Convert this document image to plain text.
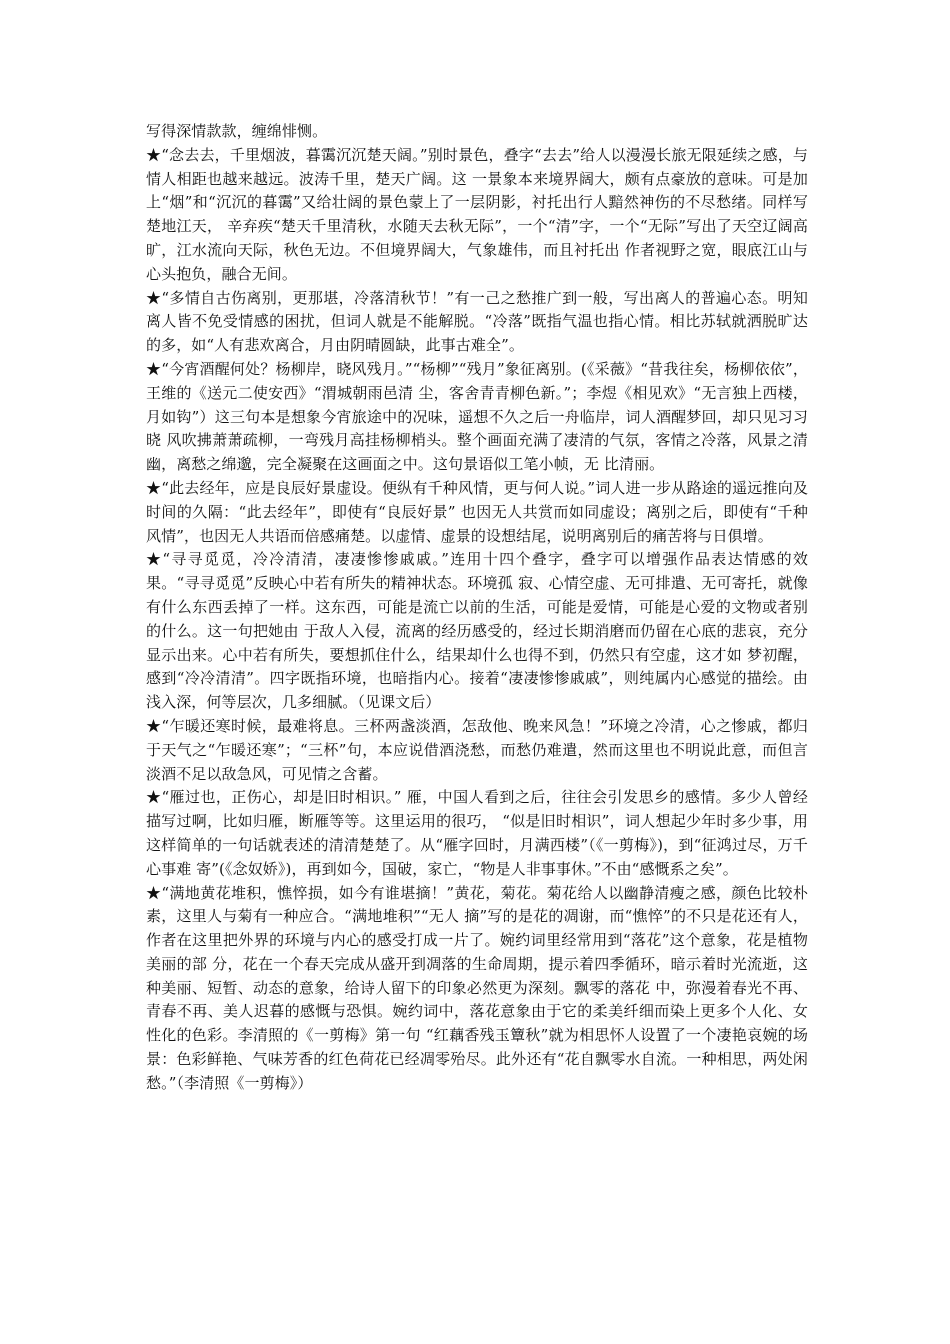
写得深情款款，缠绵悱恻。

★“念去去，千里烟波，暮霭沉沉楚天阔。”别时景色，叠字“去去”给人以漫漫长旅无限延续之感，与情人相距也越来越远。波涛千里，楚天广阔。这 一景象本来境界阔大，颇有点豪放的意味。可是加上“烟”和“沉沉的暮霭”又给壮阔的景色蒙上了一层阴影，衬托出行人黯然神伤的不尽愁绪。同样写楚地江天， 辛弃疾“楚天千里清秋，水随天去秋无际”，一个“清”字，一个“无际”写出了天空辽阔高旷，江水流向天际，秋色无边。不但境界阔大，气象雄伟，而且衬托出 作者视野之宽，眼底江山与心头抱负，融合无间。

★“多情自古伤离别，更那堪，冷落清秋节！”有一己之愁推广到一般，写出离人的普遍心态。明知离人皆不免受情感的困扰，但词人就是不能解脱。“冷落”既指气温也指心情。相比苏轼就洒脱旷达的多，如“人有悲欢离合，月由阴晴圆缺，此事古难全”。

★“今宵酒醒何处？杨柳岸，晓风残月。”“杨柳”“残月”象征离别。(《采薇》“昔我往矣，杨柳依依”，王维的《送元二使安西》“渭城朝雨邑清 尘，客舍青青柳色新。”；李煜《相见欢》“无言独上西楼，月如钩”）这三句本是想象今宵旅途中的况味，遥想不久之后一舟临岸，词人酒醒梦回，却只见习习晓 风吹拂萧萧疏柳，一弯残月高挂杨柳梢头。整个画面充满了凄清的气氛，客情之冷落，风景之清幽，离愁之绵邈，完全凝聚在这画面之中。这句景语似工笔小帧，无 比清丽。

★“此去经年，应是良辰好景虚设。便纵有千种风情，更与何人说。”词人进一步从路途的遥远推向及时间的久隔：“此去经年”，即使有“良辰好景” 也因无人共赏而如同虚设；离别之后，即使有“千种风情”，也因无人共语而倍感痛楚。以虚情、虚景的设想结尾，说明离别后的痛苦将与日俱增。

★“寻寻觅觅，冷冷清清，凄凄惨惨戚戚。”连用十四个叠字，叠字可以增强作品表达情感的效果。“寻寻觅觅”反映心中若有所失的精神状态。环境孤 寂、心情空虚、无可排遣、无可寄托，就像有什么东西丢掉了一样。这东西，可能是流亡以前的生活，可能是爱情，可能是心爱的文物或者别的什么。这一句把她由 于敌人入侵，流离的经历感受的，经过长期消磨而仍留在心底的悲哀，充分显示出来。心中若有所失，要想抓住什么，结果却什么也得不到，仍然只有空虚，这才如 梦初醒，感到“冷冷清清”。四字既指环境，也暗指内心。接着“凄凄惨惨戚戚”，则纯属内心感觉的描绘。由浅入深，何等层次，几多细腻。（见课文后）

★“乍暖还寒时候，最难将息。三杯两盏淡酒，怎敌他、晚来风急！”环境之冷清，心之惨戚，都归于天气之“乍暖还寒”；“三杯”句，本应说借酒浇愁，而愁仍难遣，然而这里也不明说此意，而但言淡酒不足以敌急风，可见情之含蓄。

★“雁过也，正伤心，却是旧时相识。” 雁，中国人看到之后，往往会引发思乡的感情。多少人曾经描写过啊，比如归雁，断雁等等。这里运用的很巧， “似是旧时相识”，词人想起少年时多少事，用这样简单的一句话就表述的清清楚楚了。从“雁字回时，月满西楼”（《一剪梅》)，到“征鸿过尽，万千心事难 寄”(《念奴娇》)，再到如今，国破，家亡，“物是人非事事休。”不由“感慨系之矣”。

★“满地黄花堆积，憔悴损，如今有谁堪摘！”黄花，菊花。菊花给人以幽静清瘦之感，颜色比较朴素，这里人与菊有一种应合。“满地堆积”“无人 摘”写的是花的凋谢，而“憔悴”的不只是花还有人，作者在这里把外界的环境与内心的感受打成一片了。婉约词里经常用到“落花”这个意象，花是植物美丽的部 分，花在一个春天完成从盛开到凋落的生命周期，提示着四季循环，暗示着时光流逝，这种美丽、短暂、动态的意象，给诗人留下的印象必然更为深刻。飘零的落花 中，弥漫着春光不再、青春不再、美人迟暮的感慨与恐惧。婉约词中，落花意象由于它的柔美纤细而染上更多个人化、女性化的色彩。李清照的《一剪梅》第一句 “红藕香残玉簟秋”就为相思怀人设置了一个凄艳哀婉的场景：色彩鲜艳、气味芳香的红色荷花已经凋零殆尽。此外还有“花自飘零水自流。一种相思，两处闲 愁。”（李清照《一剪梅》）
